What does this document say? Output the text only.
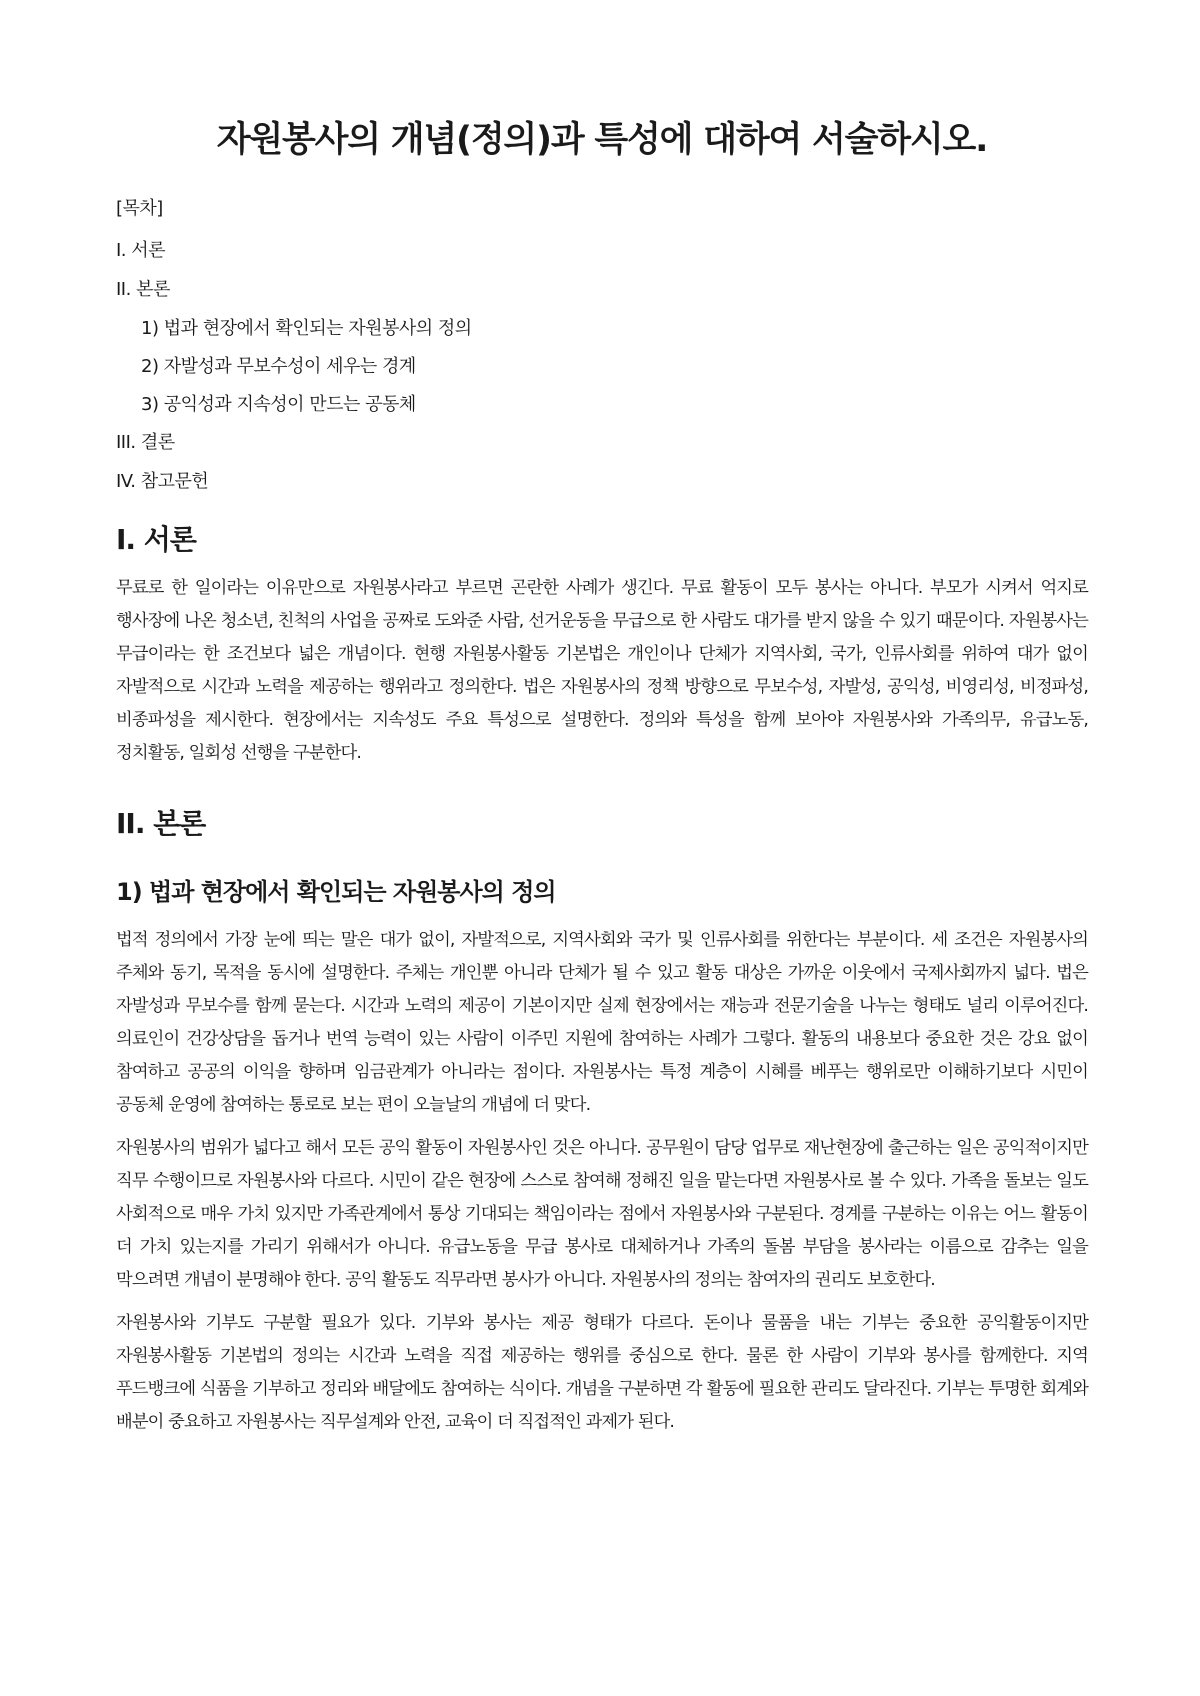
자원봉사의 개념(정의)과 특성에 대하여 서술하시오.
[목차]
I. 서론
II. 본론
1) 법과 현장에서 확인되는 자원봉사의 정의
2) 자발성과 무보수성이 세우는 경계
3) 공익성과 지속성이 만드는 공동체
III. 결론
IV. 참고문헌
I. 서론

무료로 한 일이라는 이유만으로 자원봉사라고 부르면 곤란한 사례가 생긴다. 무료 활동이 모두 봉사는 아니다. 부모가 시켜서 억지로 행사장에 나온 청소년, 친척의 사업을 공짜로 도와준 사람, 선거운동을 무급으로 한 사람도 대가를 받지 않을 수 있기 때문이다. 자원봉사는 무급이라는 한 조건보다 넓은 개념이다. 현행 자원봉사활동 기본법은 개인이나 단체가 지역사회, 국가, 인류사회를 위하여 대가 없이 자발적으로 시간과 노력을 제공하는 행위라고 정의한다. 법은 자원봉사의 정책 방향으로 무보수성, 자발성, 공익성, 비영리성, 비정파성, 비종파성을 제시한다. 현장에서는 지속성도 주요 특성으로 설명한다. 정의와 특성을 함께 보아야 자원봉사와 가족의무, 유급노동, 정치활동, 일회성 선행을 구분한다.

II. 본론
1) 법과 현장에서 확인되는 자원봉사의 정의

법적 정의에서 가장 눈에 띄는 말은 대가 없이, 자발적으로, 지역사회와 국가 및 인류사회를 위한다는 부분이다. 세 조건은 자원봉사의 주체와 동기, 목적을 동시에 설명한다. 주체는 개인뿐 아니라 단체가 될 수 있고 활동 대상은 가까운 이웃에서 국제사회까지 넓다. 법은 자발성과 무보수를 함께 묻는다. 시간과 노력의 제공이 기본이지만 실제 현장에서는 재능과 전문기술을 나누는 형태도 널리 이루어진다. 의료인이 건강상담을 돕거나 번역 능력이 있는 사람이 이주민 지원에 참여하는 사례가 그렇다. 활동의 내용보다 중요한 것은 강요 없이 참여하고 공공의 이익을 향하며 임금관계가 아니라는 점이다. 자원봉사는 특정 계층이 시혜를 베푸는 행위로만 이해하기보다 시민이 공동체 운영에 참여하는 통로로 보는 편이 오늘날의 개념에 더 맞다.

자원봉사의 범위가 넓다고 해서 모든 공익 활동이 자원봉사인 것은 아니다. 공무원이 담당 업무로 재난현장에 출근하는 일은 공익적이지만 직무 수행이므로 자원봉사와 다르다. 시민이 같은 현장에 스스로 참여해 정해진 일을 맡는다면 자원봉사로 볼 수 있다. 가족을 돌보는 일도 사회적으로 매우 가치 있지만 가족관계에서 통상 기대되는 책임이라는 점에서 자원봉사와 구분된다. 경계를 구분하는 이유는 어느 활동이 더 가치 있는지를 가리기 위해서가 아니다. 유급노동을 무급 봉사로 대체하거나 가족의 돌봄 부담을 봉사라는 이름으로 감추는 일을 막으려면 개념이 분명해야 한다. 공익 활동도 직무라면 봉사가 아니다. 자원봉사의 정의는 참여자의 권리도 보호한다.

자원봉사와 기부도 구분할 필요가 있다. 기부와 봉사는 제공 형태가 다르다. 돈이나 물품을 내는 기부는 중요한 공익활동이지만 자원봉사활동 기본법의 정의는 시간과 노력을 직접 제공하는 행위를 중심으로 한다. 물론 한 사람이 기부와 봉사를 함께한다. 지역 푸드뱅크에 식품을 기부하고 정리와 배달에도 참여하는 식이다. 개념을 구분하면 각 활동에 필요한 관리도 달라진다. 기부는 투명한 회계와 배분이 중요하고 자원봉사는 직무설계와 안전, 교육이 더 직접적인 과제가 된다.
